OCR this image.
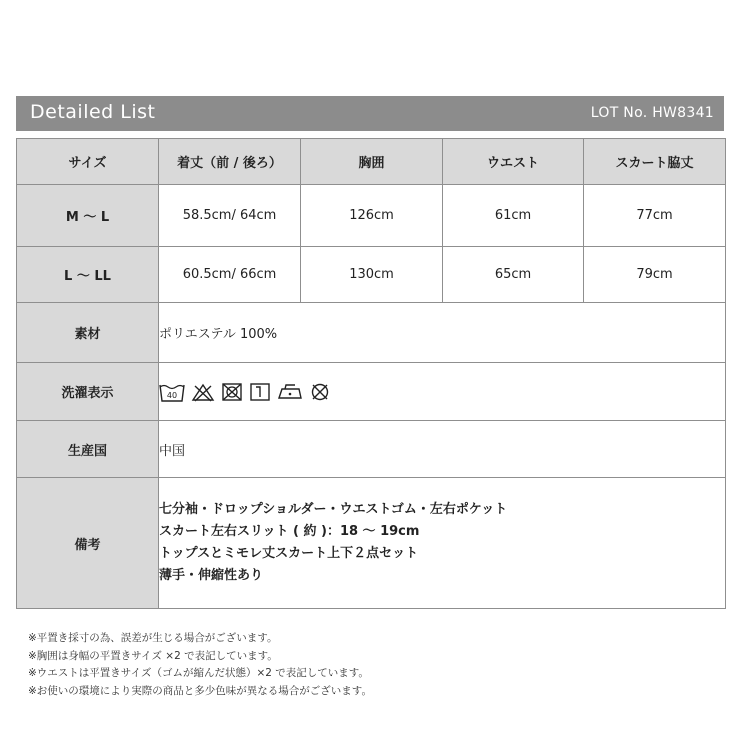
Detailed List	LOT No. HW8341
サイズ	着丈（前 / 後ろ）	胸囲	ウエスト	スカート脇丈
M 〜 L	58.5cm/ 64cm	126cm	61cm	77cm
L 〜 LL	60.5cm/ 66cm	130cm	65cm	79cm
素材	ポリエステル 100%			
洗濯表示	40			

生産国	中国			
備考	七分袖・ドロップショルダー・ウエストゴム・左右ポケット
スカート左右スリット ( 約 )：18 〜 19cm
トップスとミモレ丈スカート上下２点セット
薄手・伸縮性あり			
※平置き採寸の為、誤差が生じる場合がございます。
※胸囲は身幅の平置きサイズ ×2 で表記しています。
※ウエストは平置きサイズ（ゴムが縮んだ状態）×2 で表記しています。
※お使いの環境により実際の商品と多少色味が異なる場合がございます。
